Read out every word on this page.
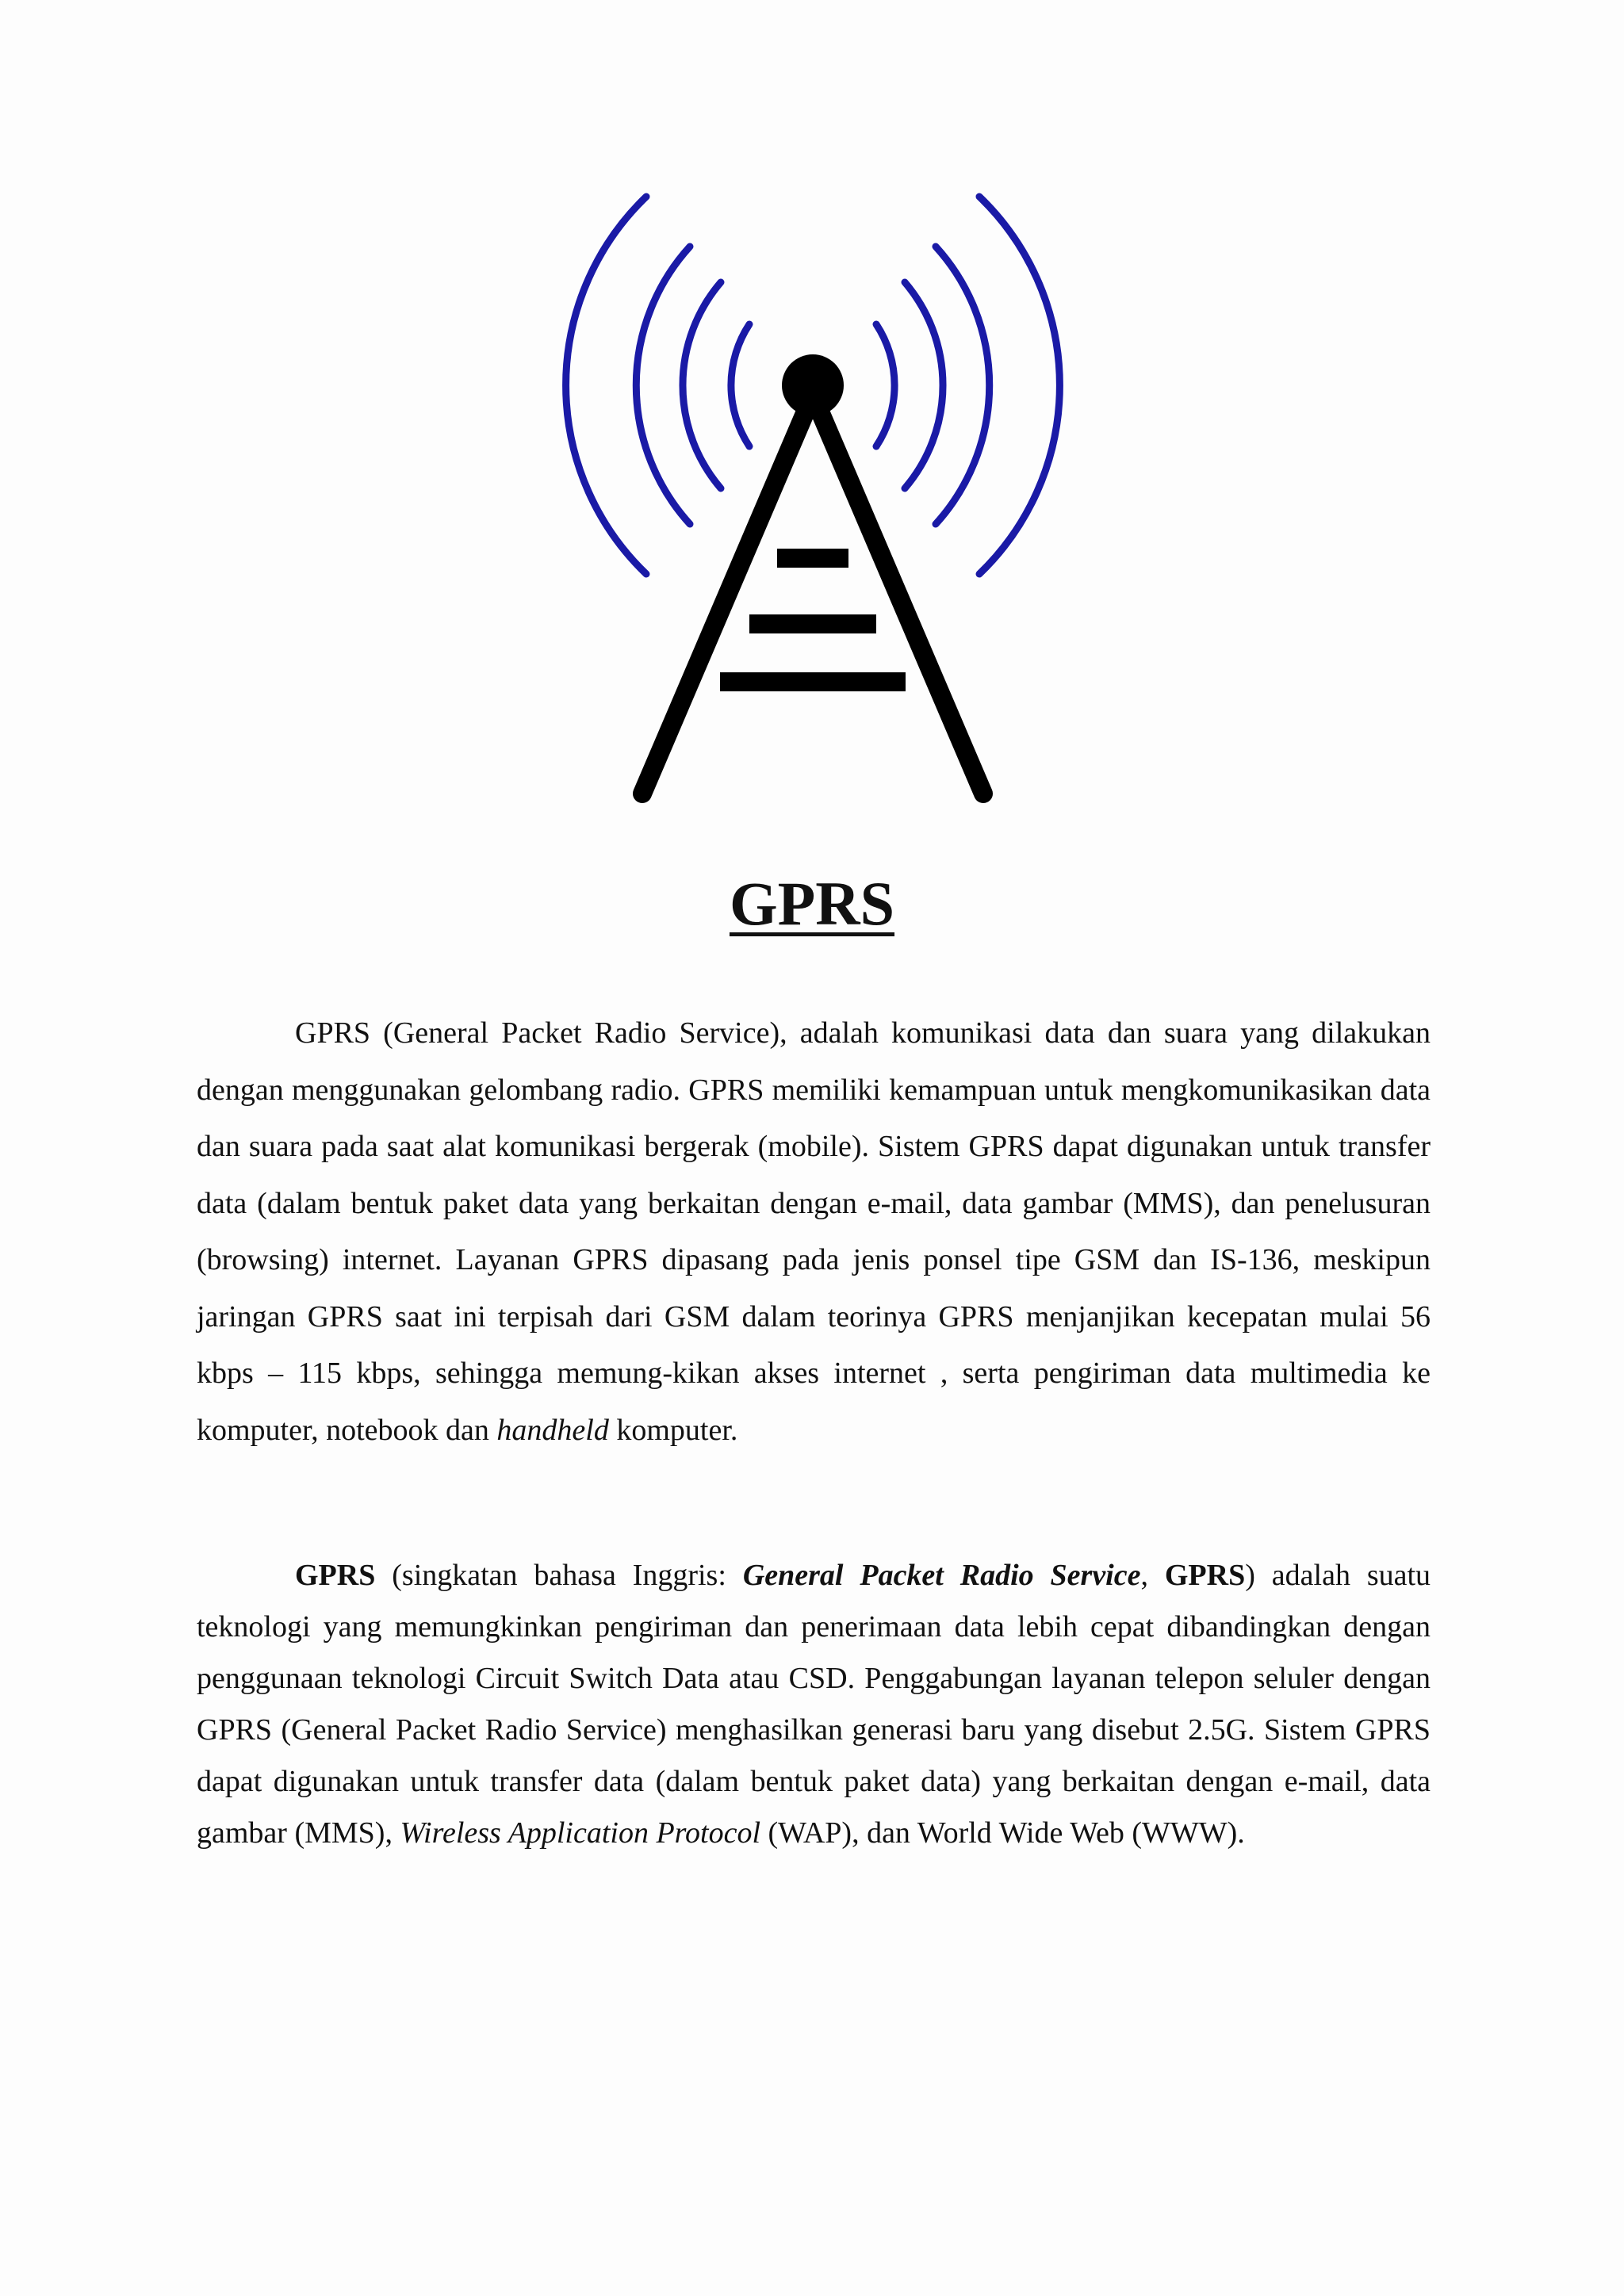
GPRS

GPRS (General Packet Radio Service), adalah komunikasi data dan suara yang dilakukan dengan menggunakan gelombang radio. GPRS memiliki kemampuan untuk mengkomunikasikan data dan suara pada saat alat komunikasi bergerak (mobile). Sistem GPRS dapat digunakan untuk transfer data (dalam bentuk paket data yang berkaitan dengan e-mail, data gambar (MMS), dan penelusuran (browsing) internet. Layanan GPRS dipasang pada jenis ponsel tipe GSM dan IS-136, meskipun jaringan GPRS saat ini terpisah dari GSM dalam teorinya GPRS menjanjikan kecepatan mulai 56 kbps – 115 kbps, sehingga memung-kikan akses internet , serta pengiriman data multimedia ke komputer, notebook dan handheld komputer.

GPRS (singkatan bahasa Inggris: General Packet Radio Service, GPRS) adalah suatu teknologi yang memungkinkan pengiriman dan penerimaan data lebih cepat dibandingkan dengan penggunaan teknologi Circuit Switch Data atau CSD. Penggabungan layanan telepon seluler dengan GPRS (General Packet Radio Service) menghasilkan generasi baru yang disebut 2.5G. Sistem GPRS dapat digunakan untuk transfer data (dalam bentuk paket data) yang berkaitan dengan e-mail, data gambar (MMS), Wireless Application Protocol (WAP), dan World Wide Web (WWW).
